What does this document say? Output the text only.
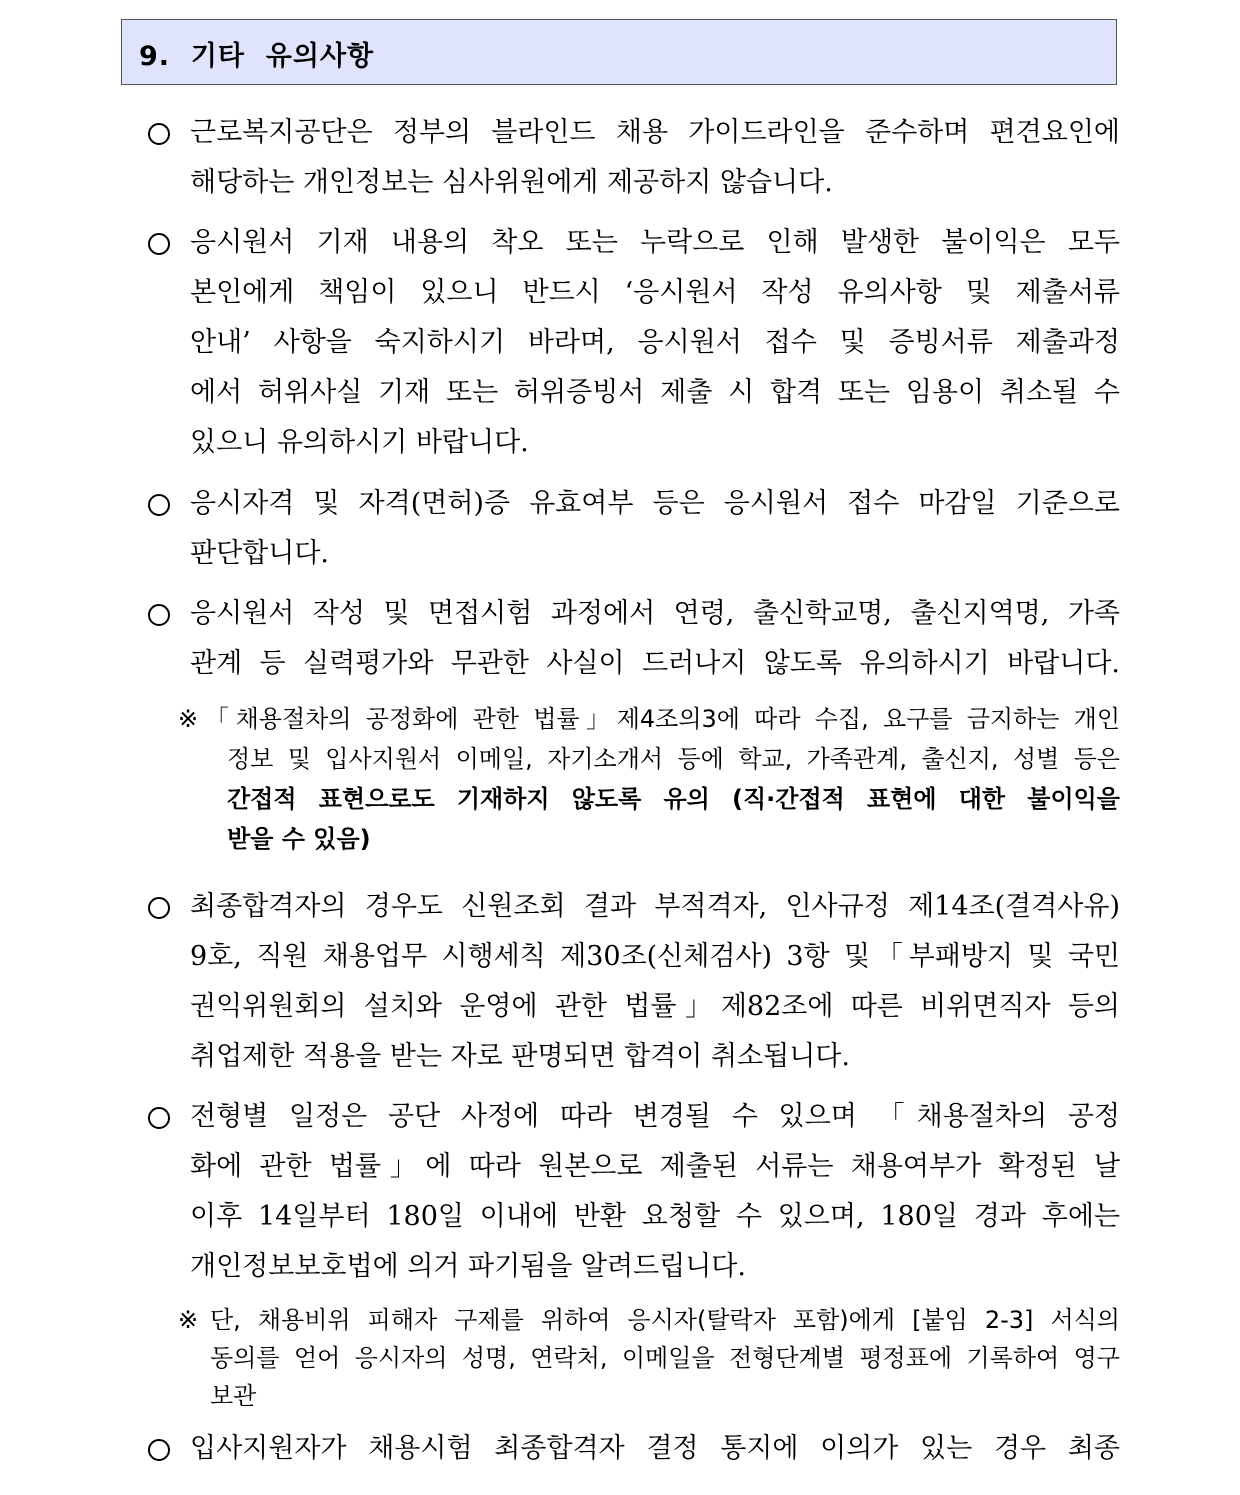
9.  기타  유의사항
근로복지공단은 정부의 블라인드 채용 가이드라인을 준수하며 편견요인에
해당하는 개인정보는 심사위원에게 제공하지 않습니다.
응시원서 기재 내용의 착오 또는 누락으로 인해 발생한 불이익은 모두
본인에게 책임이 있으니 반드시 ‘응시원서 작성 유의사항 및 제출서류
안내’ 사항을 숙지하시기 바라며, 응시원서 접수 및 증빙서류 제출과정
에서 허위사실 기재 또는 허위증빙서 제출 시 합격 또는 임용이 취소될 수
있으니 유의하시기 바랍니다.
응시자격 및 자격(면허)증 유효여부 등은 응시원서 접수 마감일 기준으로
판단합니다.
응시원서 작성 및 면접시험 과정에서 연령, 출신학교명, 출신지역명, 가족
관계 등 실력평가와 무관한 사실이 드러나지 않도록 유의하시기 바랍니다.
※ 「채용절차의 공정화에 관한 법률」제4조의3에 따라 수집, 요구를 금지하는 개인
정보 및 입사지원서 이메일, 자기소개서 등에 학교, 가족관계, 출신지, 성별 등은
간접적 표현으로도 기재하지 않도록 유의 (직·간접적 표현에 대한 불이익을
받을 수 있음)
최종합격자의 경우도 신원조회 결과 부적격자, 인사규정 제14조(결격사유)
9호, 직원 채용업무 시행세칙 제30조(신체검사) 3항 및「부패방지 및 국민
권익위원회의 설치와 운영에 관한 법률」제82조에 따른 비위면직자 등의
취업제한 적용을 받는 자로 판명되면 합격이 취소됩니다.
전형별 일정은 공단 사정에 따라 변경될 수 있으며 「채용절차의 공정
화에 관한 법률」에 따라 원본으로 제출된 서류는 채용여부가 확정된 날
이후 14일부터 180일 이내에 반환 요청할 수 있으며, 180일 경과 후에는
개인정보보호법에 의거 파기됨을 알려드립니다.
※ 단, 채용비위 피해자 구제를 위하여 응시자(탈락자 포함)에게 [붙임 2-3] 서식의
동의를 얻어 응시자의 성명, 연락처, 이메일을 전형단계별 평정표에 기록하여 영구
보관
입사지원자가 채용시험 최종합격자 결정 통지에 이의가 있는 경우 최종
